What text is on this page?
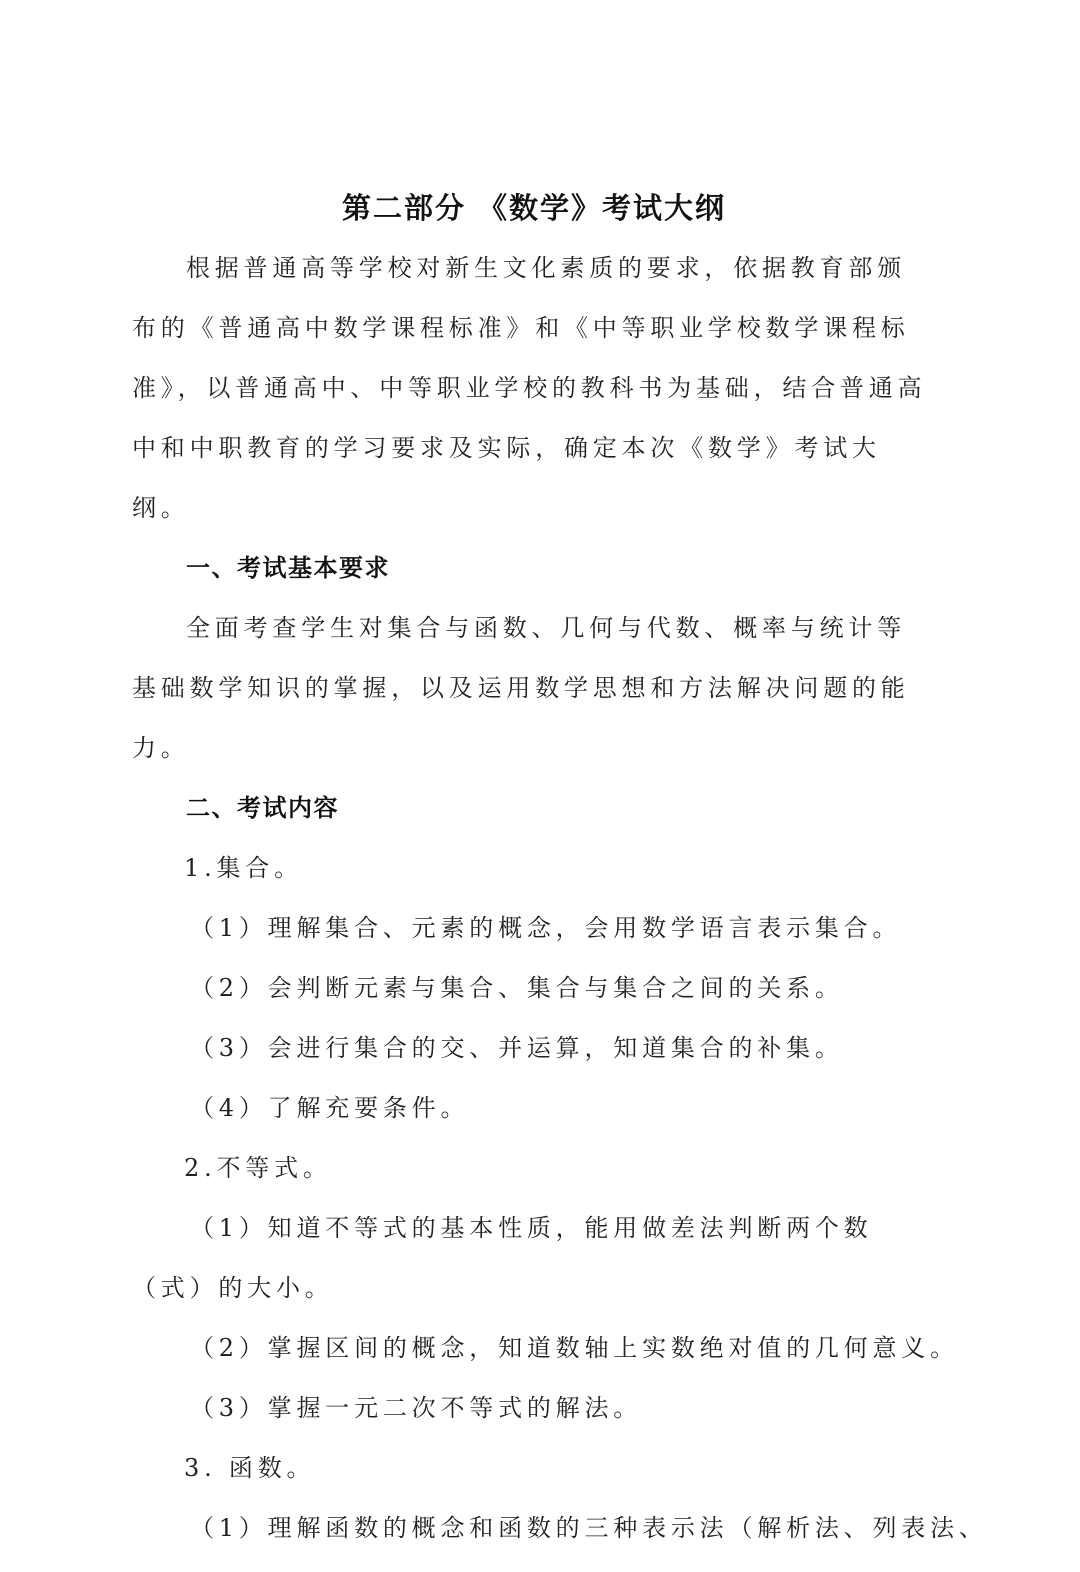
第二部分 《数学》考试大纲

根据普通高等学校对新生文化素质的要求，依据教育部颁布的《普通高中数学课程标准》和《中等职业学校数学课程标准》，以普通高中、中等职业学校的教科书为基础，结合普通高中和中职教育的学习要求及实际，确定本次《数学》考试大纲。

一、考试基本要求

全面考查学生对集合与函数、几何与代数、概率与统计等基础数学知识的掌握，以及运用数学思想和方法解决问题的能力。

二、考试内容
1.集合。
（1）理解集合、元素的概念，会用数学语言表示集合。
（2）会判断元素与集合、集合与集合之间的关系。
（3）会进行集合的交、并运算，知道集合的补集。
（4）了解充要条件。
2.不等式。

（1）知道不等式的基本性质，能用做差法判断两个数（式）的大小。

（2）掌握区间的概念，知道数轴上实数绝对值的几何意义。
（3）掌握一元二次不等式的解法。
3. 函数。
（1）理解函数的概念和函数的三种表示法（解析法、列表法、
